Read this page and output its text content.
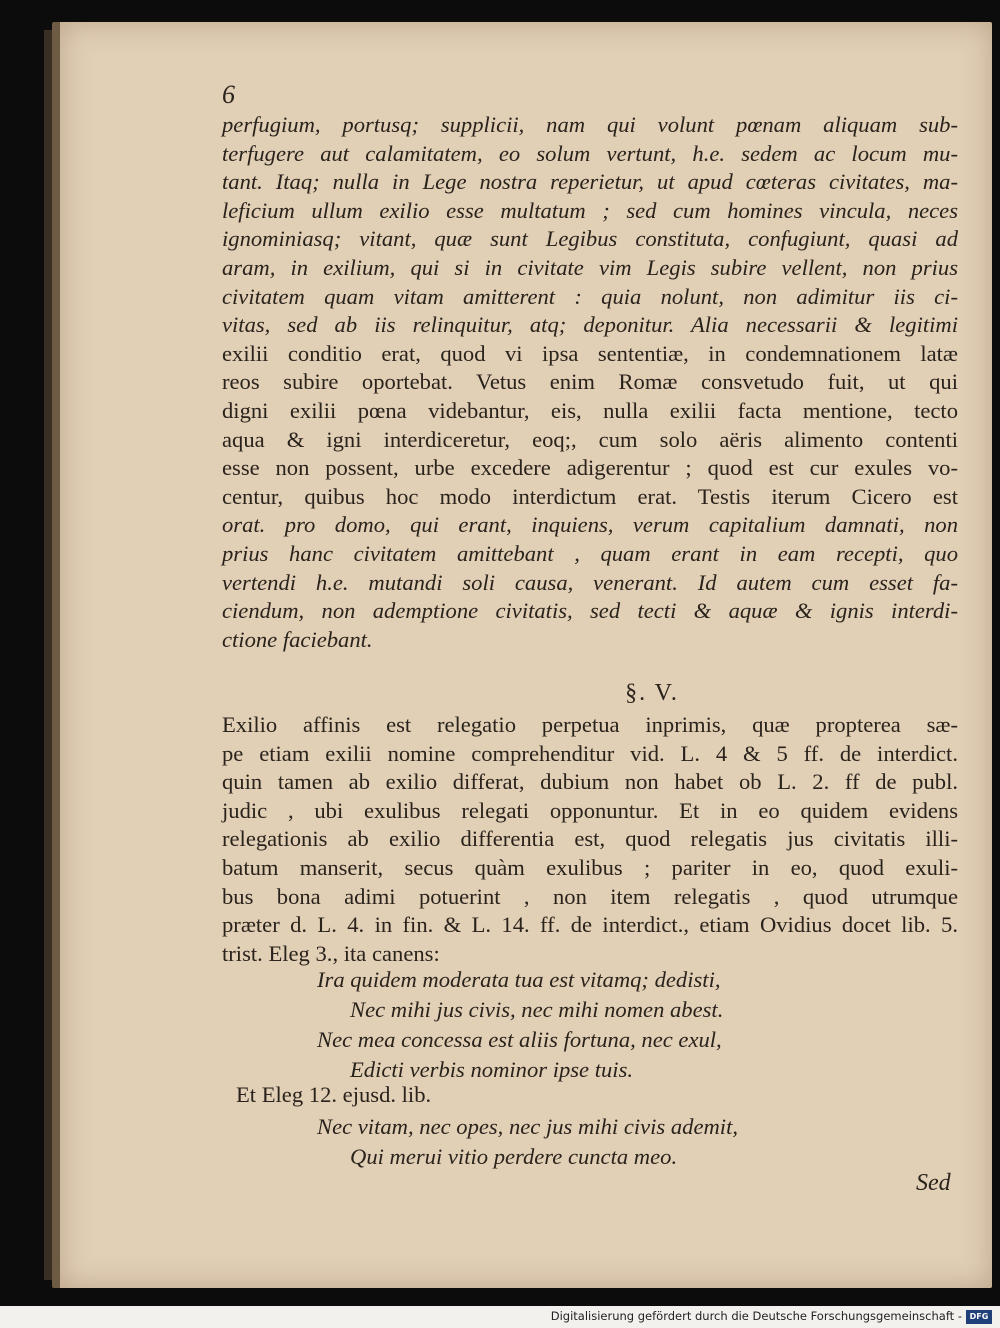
6
perfugium, portusq; supplicii, nam qui volunt pœnam aliquam sub-
terfugere aut calamitatem, eo solum vertunt, h.e. sedem ac locum mu-
tant. Itaq; nulla in Lege nostra reperietur, ut apud cœteras civitates, ma-
leficium ullum exilio esse multatum ; sed cum homines vincula, neces
ignominiasq; vitant, quæ sunt Legibus constituta, confugiunt, quasi ad
aram, in exilium, qui si in civitate vim Legis subire vellent, non prius
civitatem quam vitam amitterent : quia nolunt, non adimitur iis ci-
vitas, sed ab iis relinquitur, atq; deponitur. Alia necessarii & legitimi
exilii conditio erat, quod vi ipsa sententiæ, in condemnationem latæ
reos subire oportebat. Vetus enim Romæ consvetudo fuit, ut qui
digni exilii pœna videbantur, eis, nulla exilii facta mentione, tecto
aqua & igni interdiceretur, eoq;, cum solo aëris alimento contenti
esse non possent, urbe excedere adigerentur ; quod est cur exules vo-
centur, quibus hoc modo interdictum erat. Testis iterum Cicero est
orat. pro domo, qui erant, inquiens, verum capitalium damnati, non
prius hanc civitatem amittebant , quam erant in eam recepti, quo
vertendi h.e. mutandi soli causa, venerant. Id autem cum esset fa-
ciendum, non ademptione civitatis, sed tecti & aquæ & ignis interdi-
ctione faciebant.
§. V.
Exilio affinis est relegatio perpetua inprimis, quæ propterea sæ-
pe etiam exilii nomine comprehenditur vid. L. 4 & 5 ff. de interdict.
quin tamen ab exilio differat, dubium non habet ob L. 2. ff de publ.
judic , ubi exulibus relegati opponuntur. Et in eo quidem evidens
relegationis ab exilio differentia est, quod relegatis jus civitatis illi-
batum manserit, secus quàm exulibus ; pariter in eo, quod exuli-
bus bona adimi potuerint , non item relegatis , quod utrumque
præter d. L. 4. in fin. & L. 14. ff. de interdict., etiam Ovidius docet lib. 5.
trist. Eleg 3., ita canens:
Ira quidem moderata tua est vitamq; dedisti,
Nec mihi jus civis, nec mihi nomen abest.
Nec mea concessa est aliis fortuna, nec exul,
Edicti verbis nominor ipse tuis.
Et Eleg 12. ejusd. lib.
Nec vitam, nec opes, nec jus mihi civis ademit,
Qui merui vitio perdere cuncta meo.
Sed
Digitalisierung gefördert durch die Deutsche Forschungsgemeinschaft - DFG
